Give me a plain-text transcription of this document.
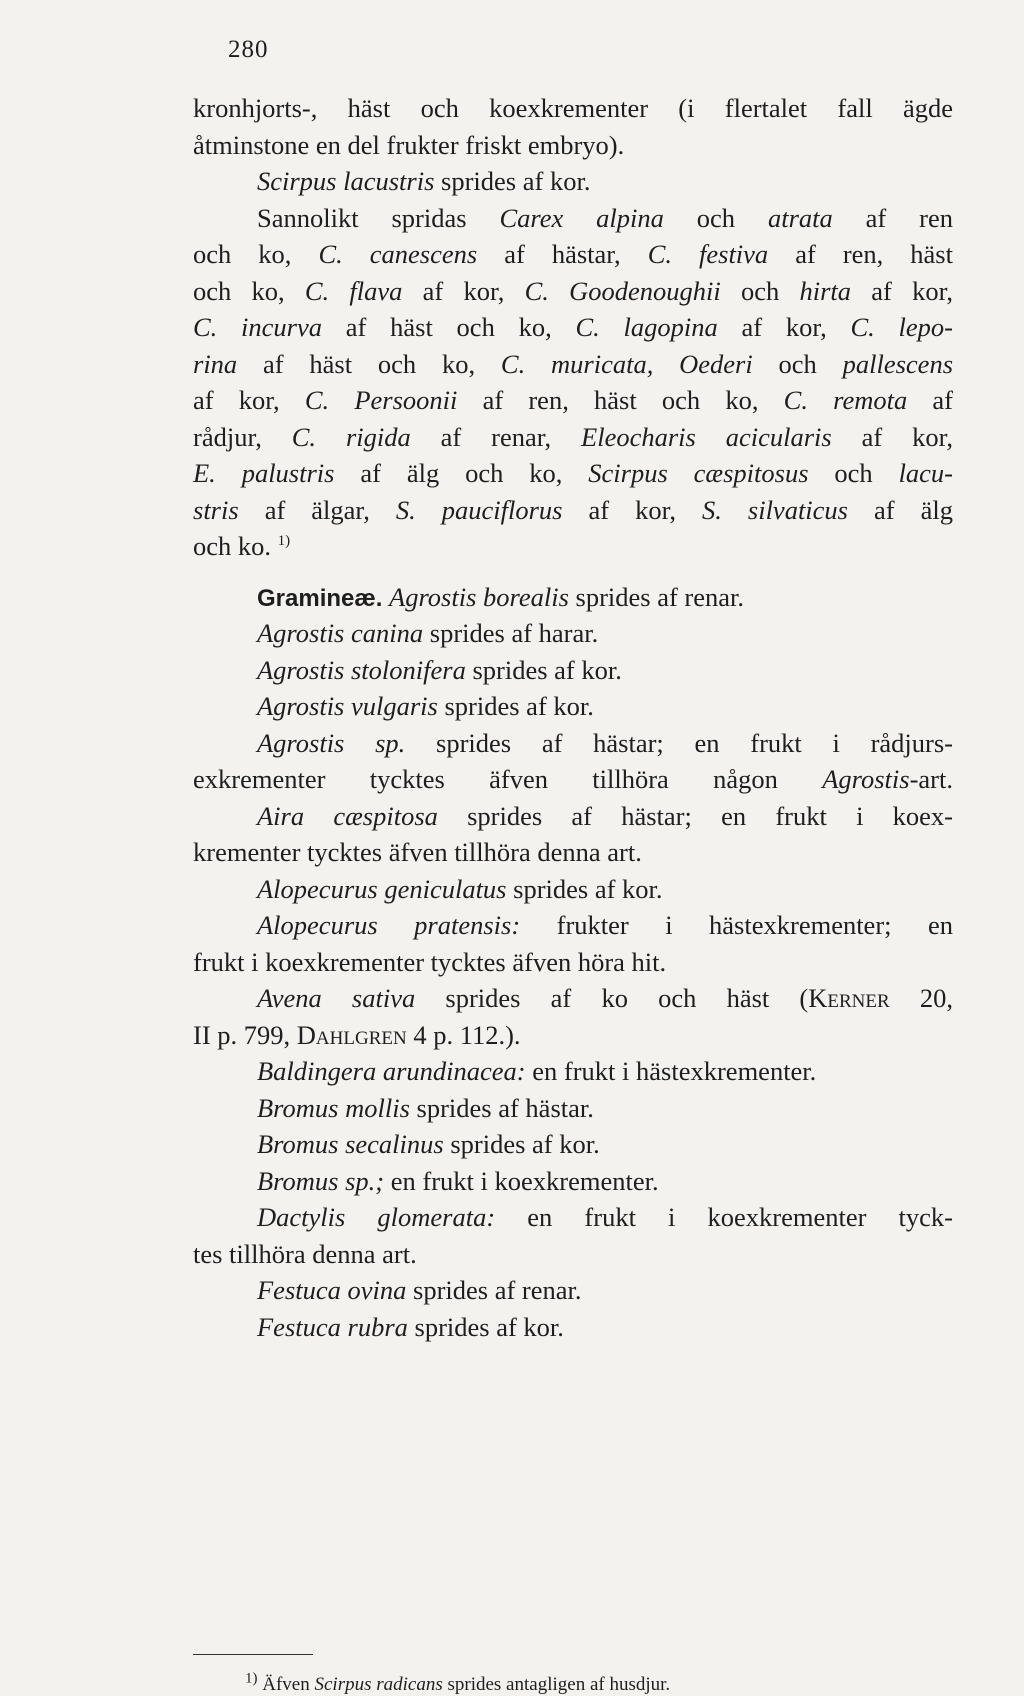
280
kronhjorts-, häst och koexkrementer (i flertalet fall ägde
åtminstone en del frukter friskt embryo).
Scirpus lacustris sprides af kor.
Sannolikt spridas Carex alpina och atrata af ren
och ko, C. canescens af hästar, C. festiva af ren, häst
och ko, C. flava af kor, C. Goodenoughii och hirta af kor,
C. incurva af häst och ko, C. lagopina af kor, C. lepo-
rina af häst och ko, C. muricata, Oederi och pallescens
af kor, C. Persoonii af ren, häst och ko, C. remota af
rådjur, C. rigida af renar, Eleocharis acicularis af kor,
E. palustris af älg och ko, Scirpus cæspitosus och lacu-
stris af älgar, S. pauciflorus af kor, S. silvaticus af älg
och ko. $^{1)}$
Gramineæ. Agrostis borealis sprides af renar.
Agrostis canina sprides af harar.
Agrostis stolonifera sprides af kor.
Agrostis vulgaris sprides af kor.
Agrostis sp. sprides af hästar; en frukt i rådjurs-
exkrementer tycktes äfven tillhöra någon Agrostis-art.
Aira cæspitosa sprides af hästar; en frukt i koex-
krementer tycktes äfven tillhöra denna art.
Alopecurus geniculatus sprides af kor.
Alopecurus pratensis: frukter i hästexkrementer; en
frukt i koexkrementer tycktes äfven höra hit.
Avena sativa sprides af ko och häst (Kerner 20,
II p. 799, Dahlgren 4 p. 112.).
Baldingera arundinacea: en frukt i hästexkrementer.
Bromus mollis sprides af hästar.
Bromus secalinus sprides af kor.
Bromus sp.; en frukt i koexkrementer.
Dactylis glomerata: en frukt i koexkrementer tyck-
tes tillhöra denna art.
Festuca ovina sprides af renar.
Festuca rubra sprides af kor.
$^{1)}$ Äfven Scirpus radicans sprides antagligen af husdjur.
